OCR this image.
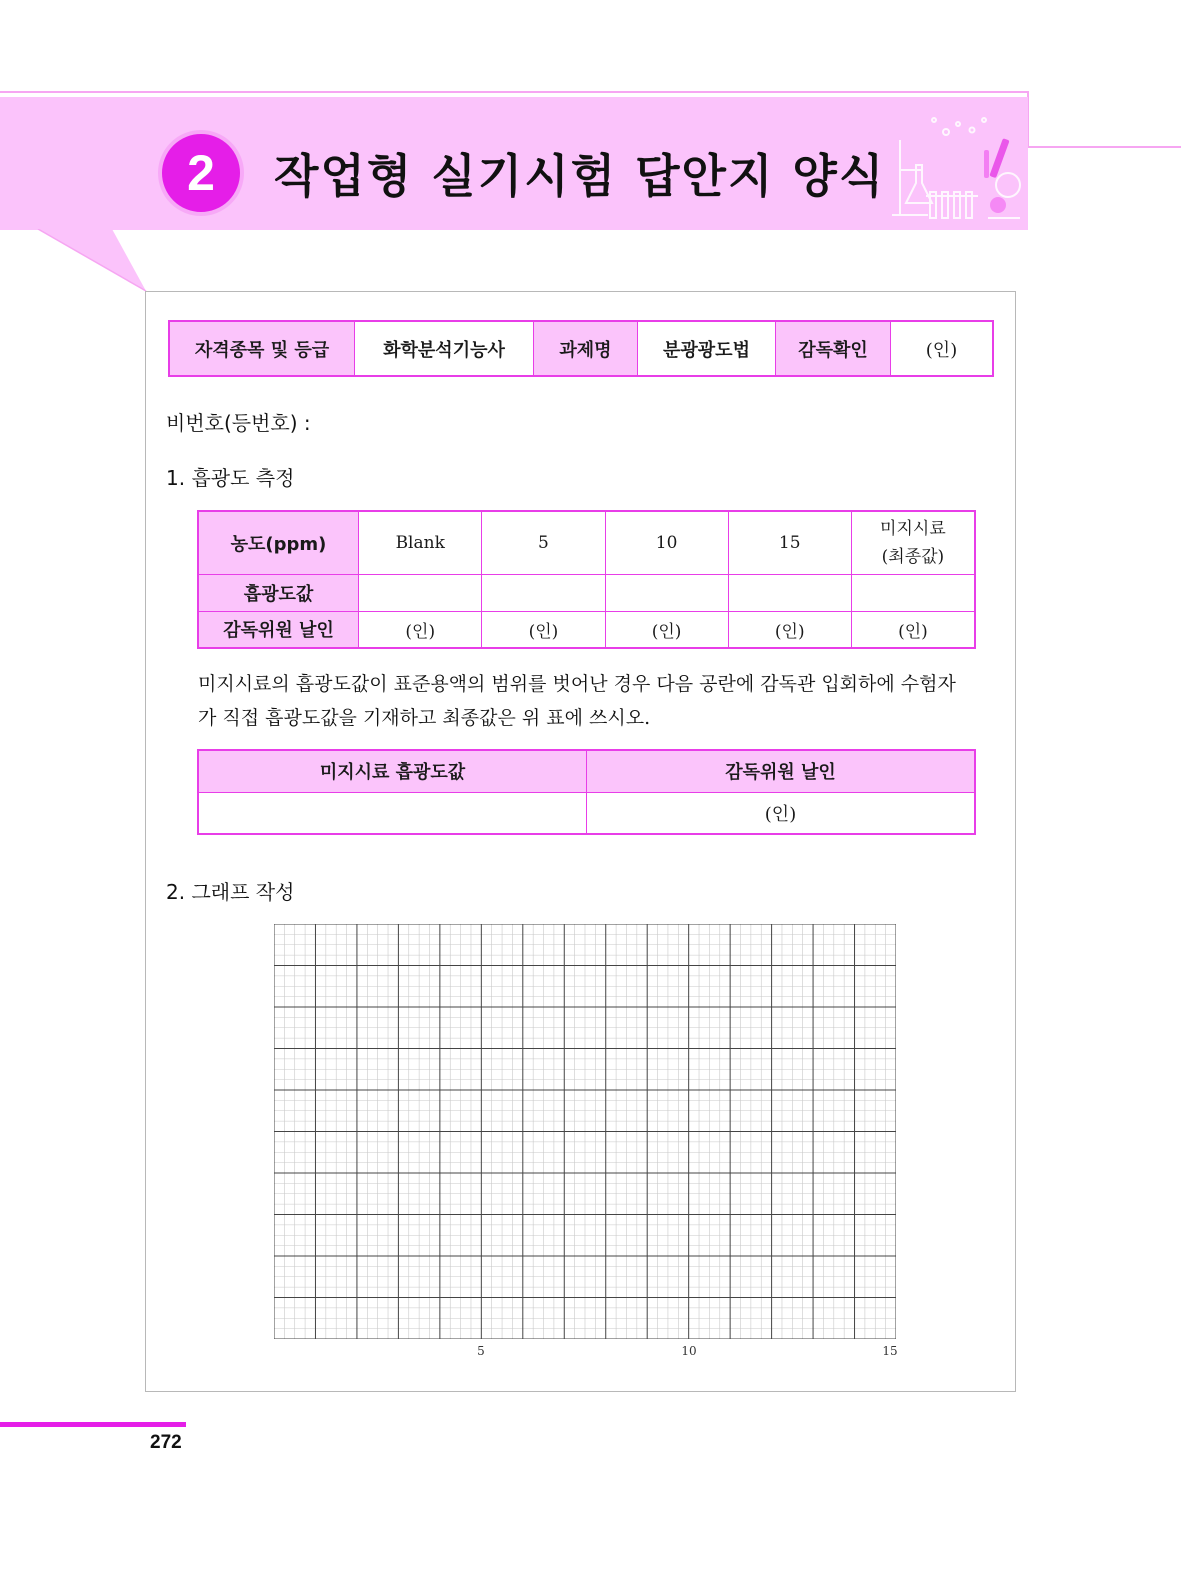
2	작업형 실기시험 답안지 양식
자격종목 및 등급	화학분석기능사	과제명	분광광도법	감독확인	(인)
비번호(등번호) :
1. 흡광도 측정
농도(ppm)	Blank	5	10	15	미지시료
(최종값)

흡광도값					
감독위원 날인	(인)	(인)	(인)	(인)	(인)
미지시료의 흡광도값이 표준용액의 범위를 벗어난 경우 다음 공란에 감독관 입회하에 수험자
가 직접 흡광도값을 기재하고 최종값은 위 표에 쓰시오.
미지시료 흡광도값	감독위원 날인
	(인)
2. 그래프 작성
5	10	15
272
